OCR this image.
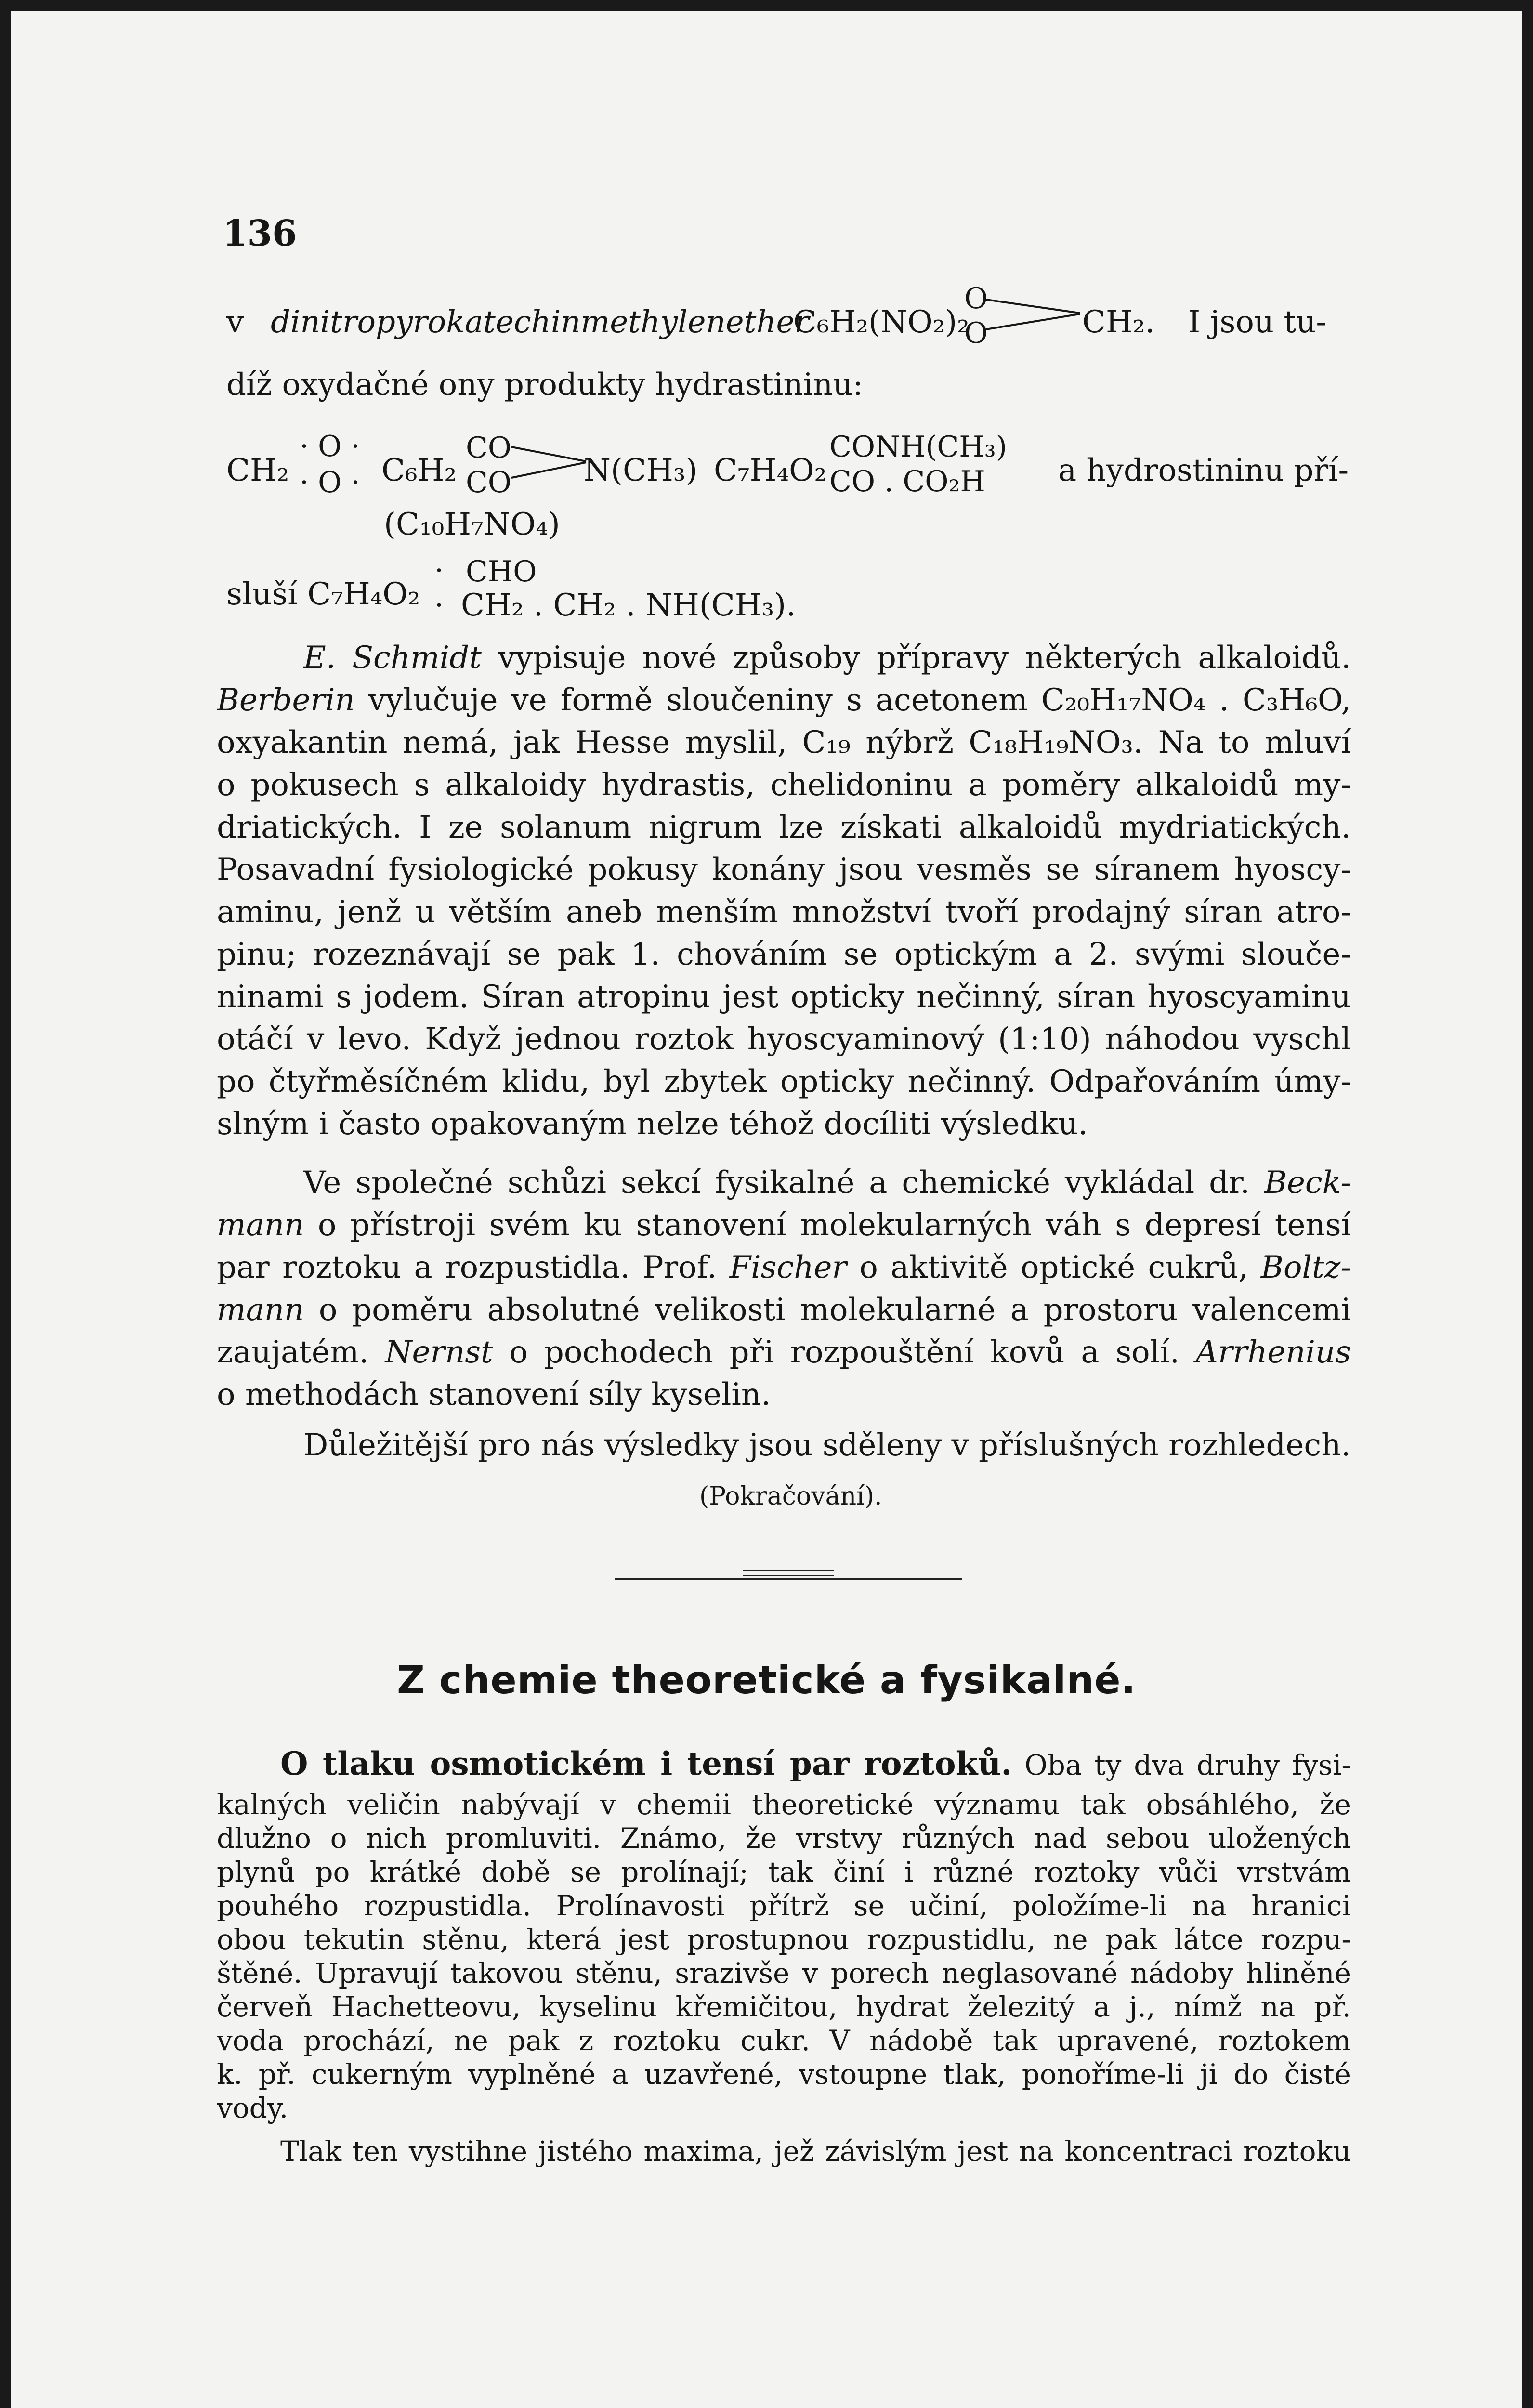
136
v dinitropyrokatechinmethylenether
C₆H₂(NO₂)₂
O
O	CH₂. I jsou tu-
díž oxydačné ony produkty hydrastininu:
CH₂
· O ·
· O · C₆H₂
CO
CO N(CH₃) C₇H₄O₂
CONH(CH₃)
CO . CO₂H a hydrostininu pří-
(C₁₀H₇NO₄)
sluší C₇H₄O₂
·
·
CHO
CH₂ . CH₂ . NH(CH₃).
E. Schmidt vypisuje nové způsoby přípravy některých alkaloidů.
Berberin vylučuje ve formě sloučeniny s acetonem C₂₀H₁₇NO₄ . C₃H₆O,
oxyakantin nemá, jak Hesse myslil, C₁₉ nýbrž C₁₈H₁₉NO₃. Na to mluví
o pokusech s alkaloidy hydrastis, chelidoninu a poměry alkaloidů my-
driatických. I ze solanum nigrum lze získati alkaloidů mydriatických.
Posavadní fysiologické pokusy konány jsou vesměs se síranem hyoscy-
aminu, jenž u větším aneb menším množství tvoří prodajný síran atro-
pinu; rozeznávají se pak 1. chováním se optickým a 2. svými slouče-
ninami s jodem. Síran atropinu jest opticky nečinný, síran hyoscyaminu
otáčí v levo. Když jednou roztok hyoscyaminový (1:10) náhodou vyschl
po čtyřměsíčném klidu, byl zbytek opticky nečinný. Odpařováním úmy-
slným i často opakovaným nelze téhož docíliti výsledku.
Ve společné schůzi sekcí fysikalné a chemické vykládal dr. Beck-
mann o přístroji svém ku stanovení molekularných váh s depresí tensí
par roztoku a rozpustidla. Prof. Fischer o aktivitě optické cukrů, Boltz-
mann o poměru absolutné velikosti molekularné a prostoru valencemi
zaujatém. Nernst o pochodech při rozpouštění kovů a solí. Arrhenius
o methodách stanovení síly kyselin.
Důležitější pro nás výsledky jsou sděleny v příslušných rozhledech.
(Pokračování).
Z chemie theoretické a fysikalné.
O tlaku osmotickém i tensí par roztoků. Oba ty dva druhy fysi-
kalných veličin nabývají v chemii theoretické významu tak obsáhlého, že
dlužno o nich promluviti. Známo, že vrstvy různých nad sebou uložených
plynů po krátké době se prolínají; tak činí i různé roztoky vůči vrstvám
pouhého rozpustidla. Prolínavosti přítrž se učiní, položíme-li na hranici
obou tekutin stěnu, která jest prostupnou rozpustidlu, ne pak látce rozpu-
štěné. Upravují takovou stěnu, srazivše v porech neglasované nádoby hliněné
červeň Hachetteovu, kyselinu křemičitou, hydrat železitý a j., nímž na př.
voda prochází, ne pak z roztoku cukr. V nádobě tak upravené, roztokem
k. př. cukerným vyplněné a uzavřené, vstoupne tlak, ponoříme-li ji do čisté
vody.
Tlak ten vystihne jistého maxima, jež závislým jest na koncentraci roztoku
